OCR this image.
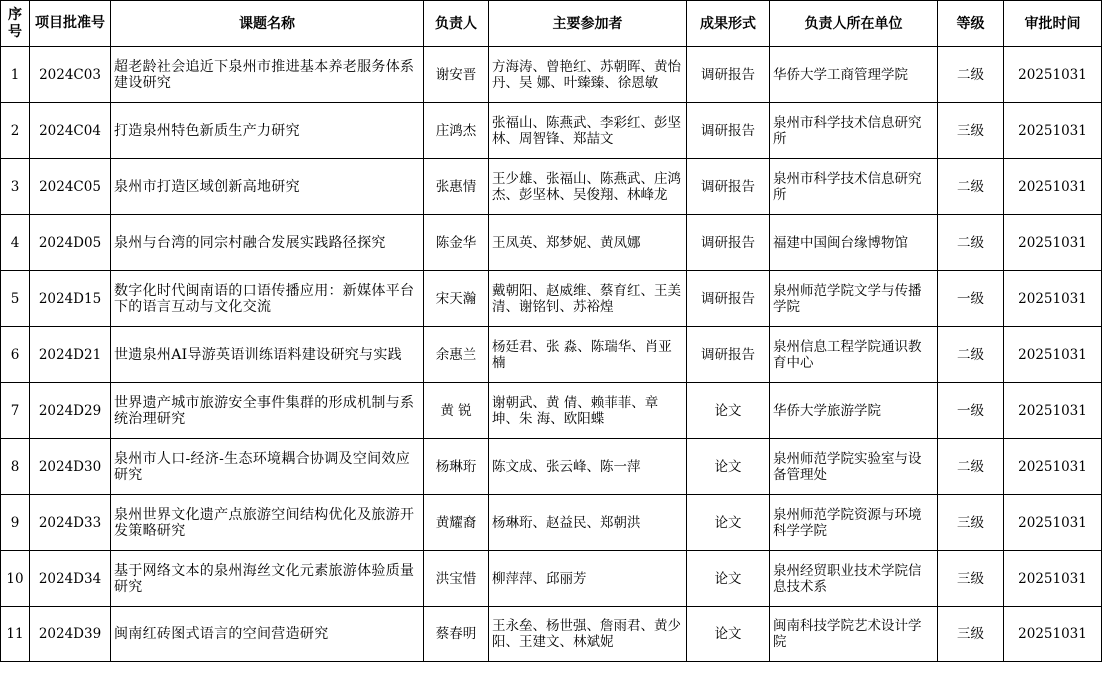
序号	项目批准号	课题名称	负责人	主要参加者	成果形式	负责人所在单位	等级	审批时间
1	2024C03	超老龄社会追近下泉州市推进基本养老服务体系建设研究	谢安晋	方海涛、曾艳红、苏朝晖、黄怡丹、吴 娜、叶臻臻、徐恩敏	调研报告	华侨大学工商管理学院	二级	20251031
2	2024C04	打造泉州特色新质生产力研究	庄鸿杰	张福山、陈燕武、李彩红、彭坚林、周智锋、郑喆文	调研报告	泉州市科学技术信息研究所	三级	20251031
3	2024C05	泉州市打造区域创新高地研究	张惠情	王少雄、张福山、陈燕武、庄鸿杰、彭坚林、吴俊翔、林峰龙	调研报告	泉州市科学技术信息研究所	二级	20251031
4	2024D05	泉州与台湾的同宗村融合发展实践路径探究	陈金华	王凤英、郑梦妮、黄凤娜	调研报告	福建中国闽台缘博物馆	二级	20251031
5	2024D15	数字化时代闽南语的口语传播应用：新媒体平台下的语言互动与文化交流	宋天瀚	戴朝阳、赵威维、蔡育红、王美清、谢铭钊、苏裕煌	调研报告	泉州师范学院文学与传播学院	一级	20251031
6	2024D21	世遗泉州AI导游英语训练语料建设研究与实践	余惠兰	杨廷君、张 淼、陈瑞华、肖亚楠	调研报告	泉州信息工程学院通识教育中心	二级	20251031
7	2024D29	世界遗产城市旅游安全事件集群的形成机制与系统治理研究	黄 锐	谢朝武、黄 倩、赖菲菲、章 坤、朱 海、欧阳蝶	论文	华侨大学旅游学院	一级	20251031
8	2024D30	泉州市人口-经济-生态环境耦合协调及空间效应研究	杨琳珩	陈文成、张云峰、陈一萍	论文	泉州师范学院实验室与设备管理处	二级	20251031
9	2024D33	泉州世界文化遗产点旅游空间结构优化及旅游开发策略研究	黄耀裔	杨琳珩、赵益民、郑朝洪	论文	泉州师范学院资源与环境科学学院	三级	20251031
10	2024D34	基于网络文本的泉州海丝文化元素旅游体验质量研究	洪宝惜	柳萍萍、邱丽芳	论文	泉州经贸职业技术学院信息技术系	三级	20251031
11	2024D39	闽南红砖图式语言的空间营造研究	蔡春明	王永垒、杨世强、詹雨君、黄少阳、王建文、林斌妮	论文	闽南科技学院艺术设计学院	三级	20251031
